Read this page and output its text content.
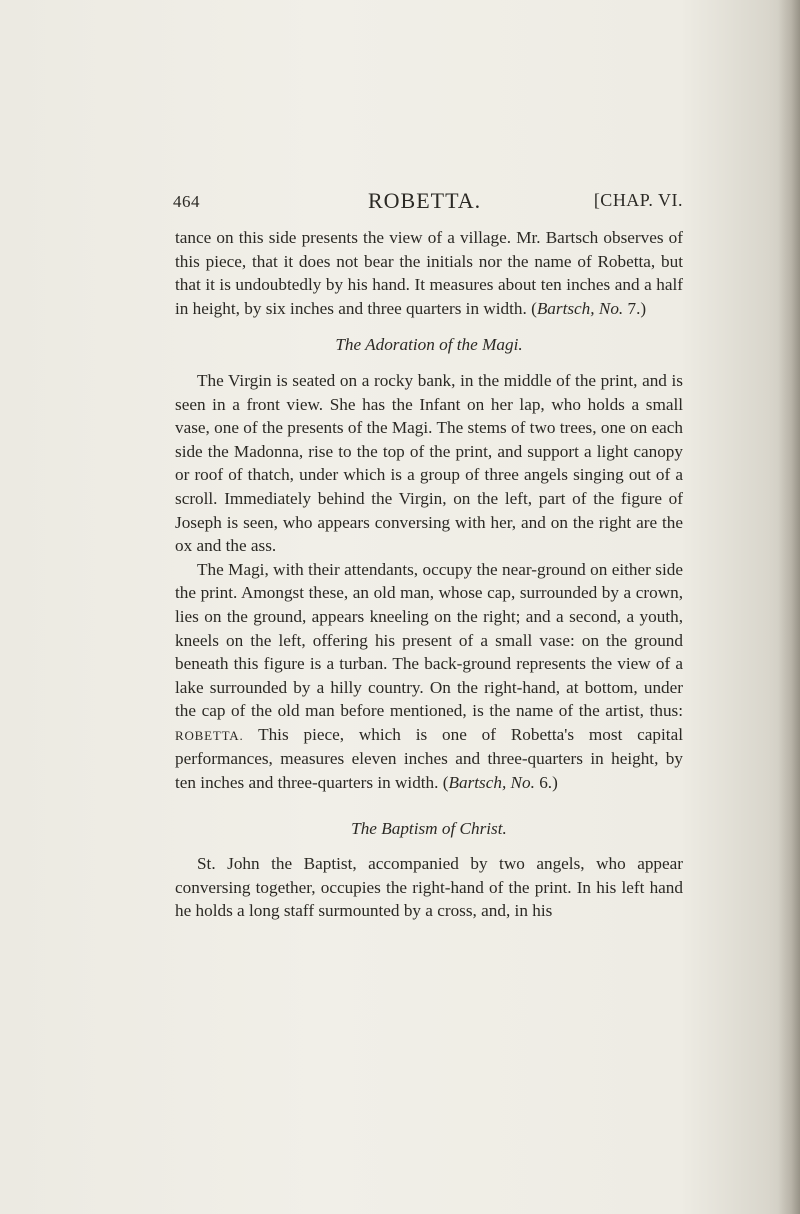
464	ROBETTA.	[CHAP. VI.

tance on this side presents the view of a village. Mr. Bartsch observes of this piece, that it does not bear the initials nor the name of Robetta, but that it is undoubtedly by his hand. It measures about ten inches and a half in height, by six inches and three quarters in width. (Bartsch, No. 7.)

The Adoration of the Magi.

The Virgin is seated on a rocky bank, in the middle of the print, and is seen in a front view. She has the Infant on her lap, who holds a small vase, one of the presents of the Magi. The stems of two trees, one on each side the Madonna, rise to the top of the print, and support a light canopy or roof of thatch, under which is a group of three angels singing out of a scroll. Immediately behind the Virgin, on the left, part of the figure of Joseph is seen, who appears conversing with her, and on the right are the ox and the ass.

The Magi, with their attendants, occupy the near-ground on either side the print. Amongst these, an old man, whose cap, surrounded by a crown, lies on the ground, appears kneeling on the right; and a second, a youth, kneels on the left, offering his present of a small vase: on the ground beneath this figure is a turban. The back-ground represents the view of a lake surrounded by a hilly country. On the right-hand, at bottom, under the cap of the old man before mentioned, is the name of the artist, thus: ROBETTA. This piece, which is one of Robetta's most capital performances, measures eleven inches and three-quarters in height, by ten inches and three-quarters in width. (Bartsch, No. 6.)

The Baptism of Christ.

St. John the Baptist, accompanied by two angels, who appear conversing together, occupies the right-hand of the print. In his left hand he holds a long staff surmounted by a cross, and, in his
